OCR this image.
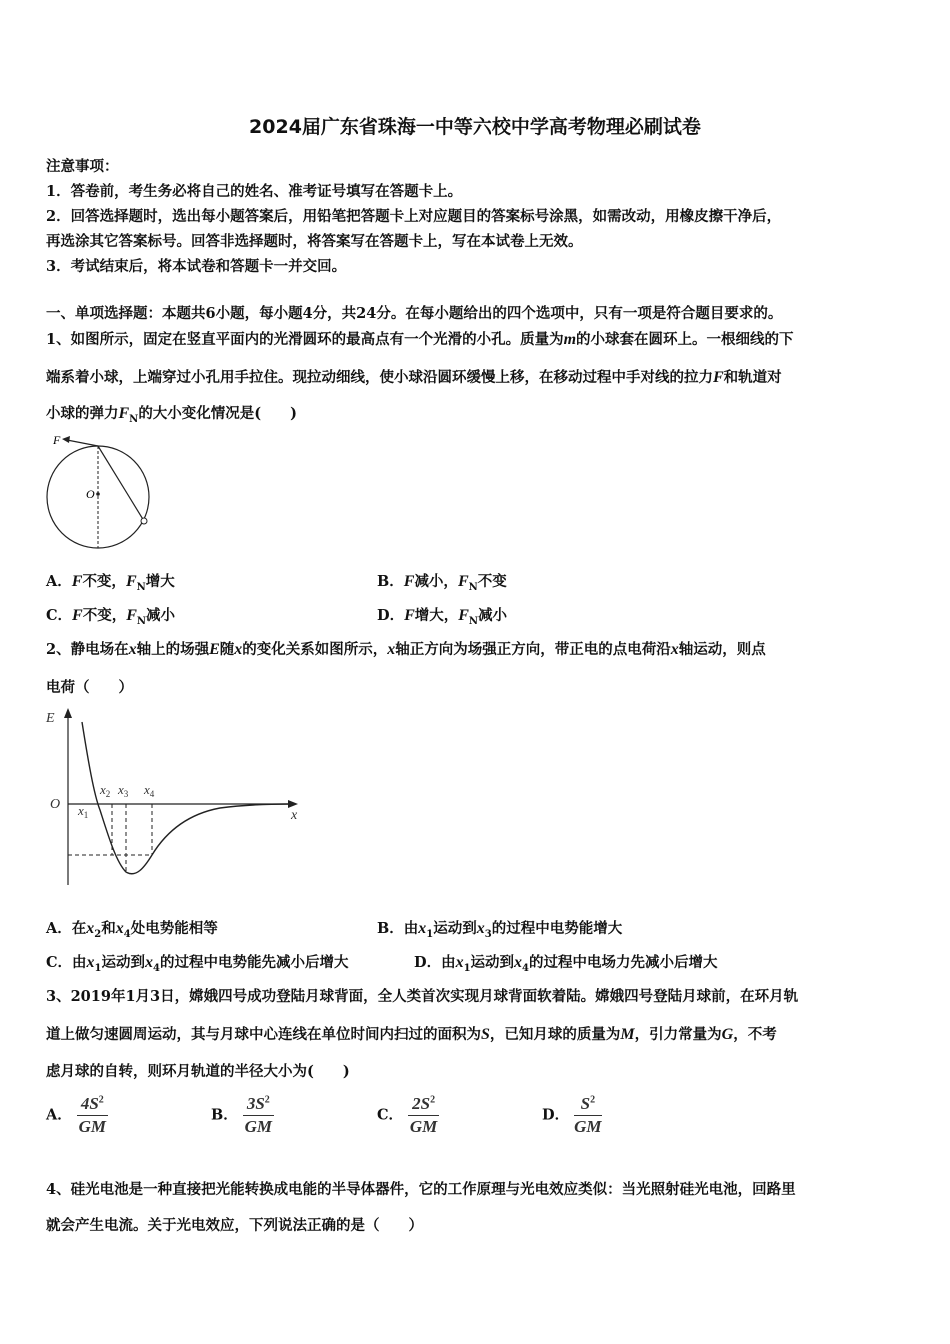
2024届广东省珠海一中等六校中学高考物理必刷试卷
注意事项：
1．答卷前，考生务必将自己的姓名、准考证号填写在答题卡上。
2．回答选择题时，选出每小题答案后，用铅笔把答题卡上对应题目的答案标号涂黑，如需改动，用橡皮擦干净后，
再选涂其它答案标号。回答非选择题时，将答案写在答题卡上，写在本试卷上无效。
3．考试结束后，将本试卷和答题卡一并交回。
一、单项选择题：本题共6小题，每小题4分，共24分。在每小题给出的四个选项中，只有一项是符合题目要求的。
1、如图所示，固定在竖直平面内的光滑圆环的最高点有一个光滑的小孔。质量为m的小球套在圆环上。一根细线的下
端系着小球，上端穿过小孔用手拉住。现拉动细线，使小球沿圆环缓慢上移，在移动过程中手对线的拉力F和轨道对
小球的弹力$F_N$的大小变化情况是(　　)
F
O
A．F不变，$F_N$增大	B．F减小，$F_N$不变
C．F不变，$F_N$减小	D．F增大，$F_N$减小
2、静电场在x轴上的场强E随x的变化关系如图所示，x轴正方向为场强正方向，带正电的点电荷沿x轴运动，则点
电荷（　　）
E
O
x
$x_1$
$x_2$ $x_3$ $x_4$
A．在$x_2$和$x_4$处电势能相等	B．由$x_1$运动到$x_3$的过程中电势能增大
C．由$x_1$运动到$x_4$的过程中电势能先减小后增大	D．由$x_1$运动到$x_4$的过程中电场力先减小后增大
3、2019年1月3日，嫦娥四号成功登陆月球背面，全人类首次实现月球背面软着陆。嫦娥四号登陆月球前，在环月轨
道上做匀速圆周运动，其与月球中心连线在单位时间内扫过的面积为S，已知月球的质量为M，引力常量为G，不考
虑月球的自转，则环月轨道的半径大小为(　　)
A． $\frac{4S^2}{GM}$	B． $\frac{3S^2}{GM}$	C． $\frac{2S^2}{GM}$	D． $\frac{S^2}{GM}$
4、硅光电池是一种直接把光能转换成电能的半导体器件，它的工作原理与光电效应类似：当光照射硅光电池，回路里
就会产生电流。关于光电效应，下列说法正确的是（　　）
